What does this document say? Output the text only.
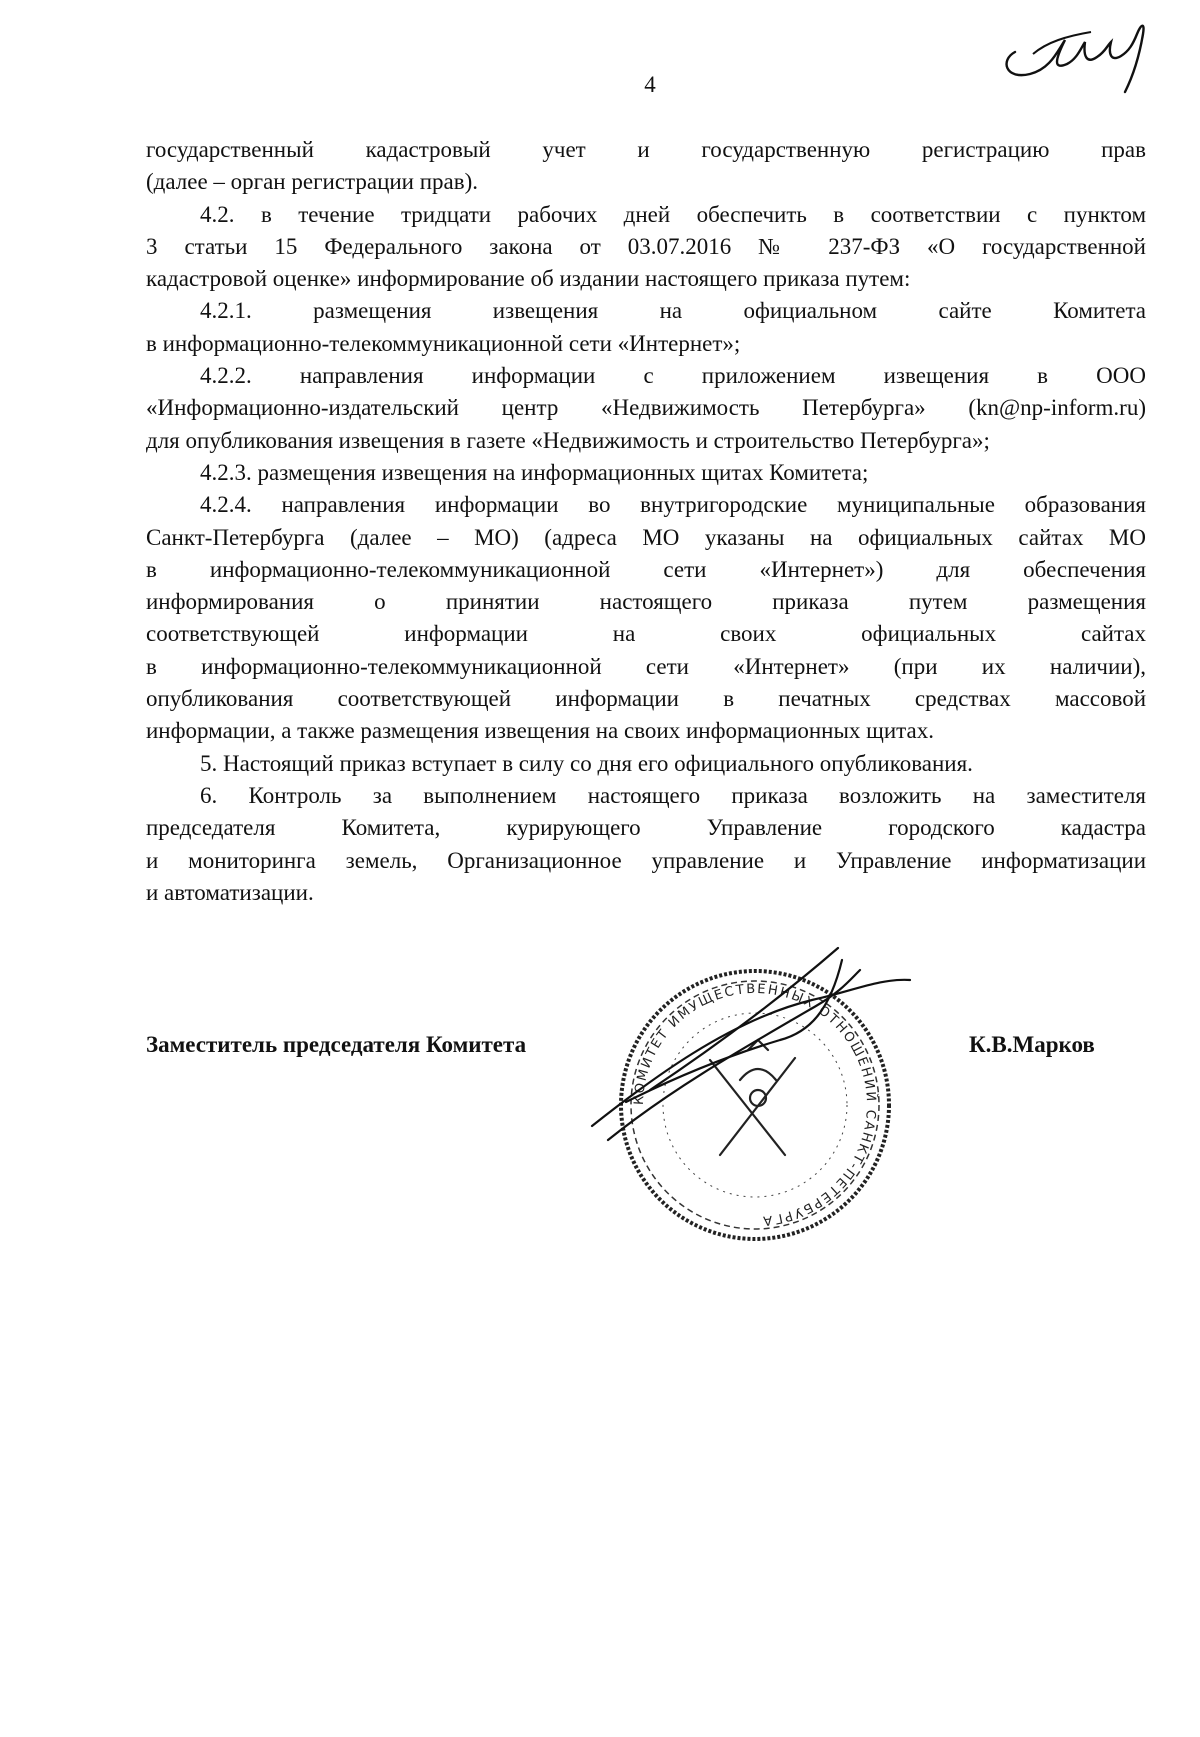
4

государственный кадастровый учет и государственную регистрацию прав

(далее – орган регистрации прав).

4.2. в течение тридцати рабочих дней обеспечить в соответствии с пунктом

3 статьи 15 Федерального закона от 03.07.2016 № 237-ФЗ «О государственной

кадастровой оценке» информирование об издании настоящего приказа путем:

4.2.1. размещения извещения на официальном сайте Комитета

в информационно-телекоммуникационной сети «Интернет»;

4.2.2. направления информации с приложением извещения в ООО

«Информационно-издательский центр «Недвижимость Петербурга» (kn@np-inform.ru)

для опубликования извещения в газете «Недвижимость и строительство Петербурга»;

4.2.3. размещения извещения на информационных щитах Комитета;

4.2.4. направления информации во внутригородские муниципальные образования

Санкт-Петербурга (далее – МО) (адреса МО указаны на официальных сайтах МО

в информационно-телекоммуникационной сети «Интернет») для обеспечения

информирования о принятии настоящего приказа путем размещения

соответствующей информации на своих официальных сайтах

в информационно-телекоммуникационной сети «Интернет» (при их наличии),

опубликования соответствующей информации в печатных средствах массовой

информации, а также размещения извещения на своих информационных щитах.

5. Настоящий приказ вступает в силу со дня его официального опубликования.

6. Контроль за выполнением настоящего приказа возложить на заместителя

председателя Комитета, курирующего Управление городского кадастра

и мониторинга земель, Организационное управление и Управление информатизации

и автоматизации.

КОМИТЕТ ИМУЩЕСТВЕННЫХ ОТНОШЕНИЙ САНКТ-ПЕТЕРБУРГА
Заместитель председателя Комитета	К.В.Марков
